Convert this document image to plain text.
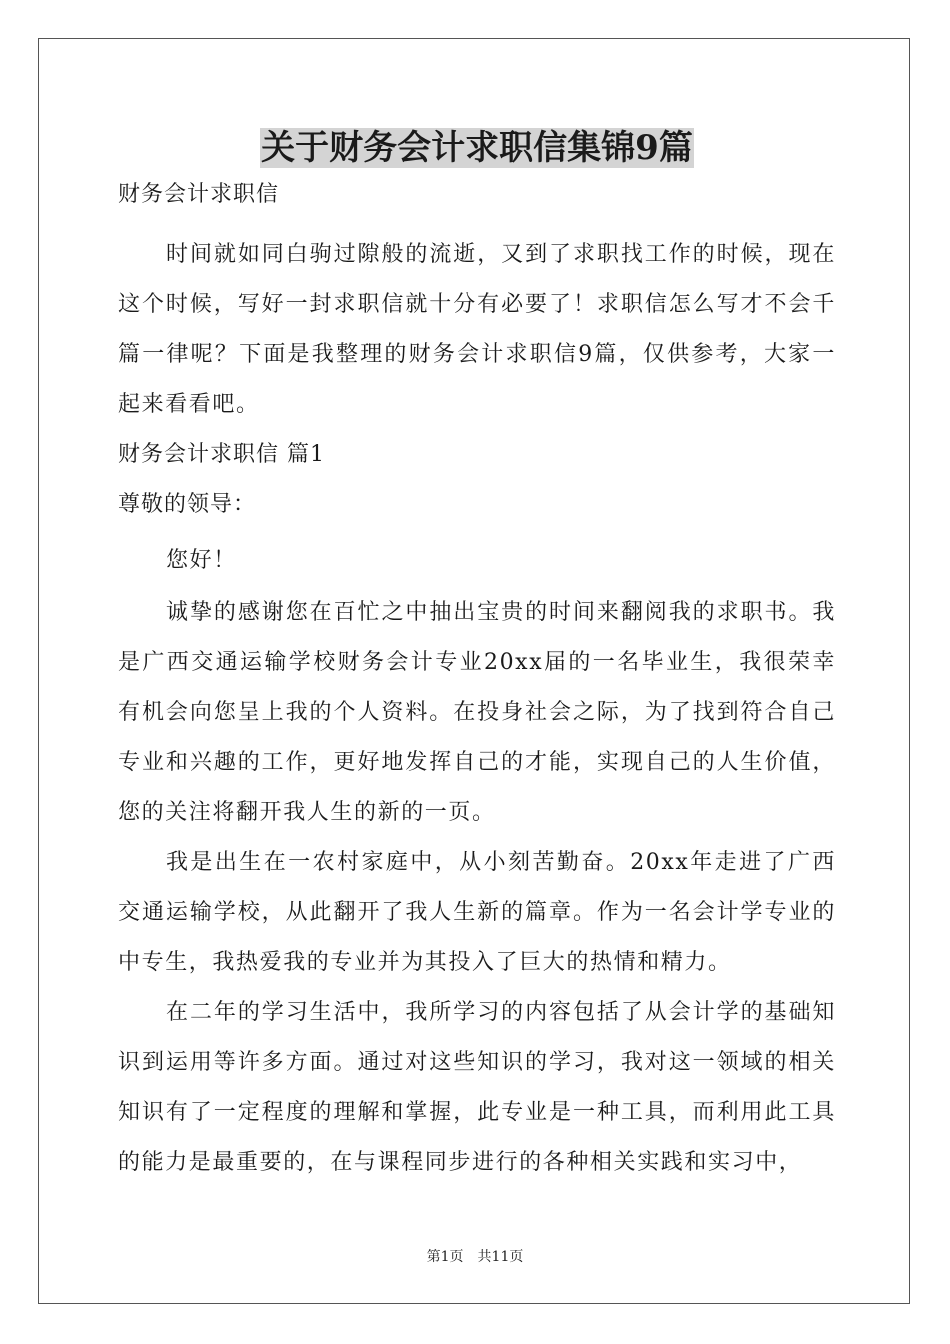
关于财务会计求职信集锦9篇

财务会计求职信

时间就如同白驹过隙般的流逝，又到了求职找工作的时候，现在这个时候，写好一封求职信就十分有必要了！求职信怎么写才不会千篇一律呢？下面是我整理的财务会计求职信9篇，仅供参考，大家一起来看看吧。

财务会计求职信 篇1

尊敬的领导：

您好！

诚挚的感谢您在百忙之中抽出宝贵的时间来翻阅我的求职书。我是广西交通运输学校财务会计专业20xx届的一名毕业生，我很荣幸有机会向您呈上我的个人资料。在投身社会之际，为了找到符合自己专业和兴趣的工作，更好地发挥自己的才能，实现自己的人生价值，您的关注将翻开我人生的新的一页。

我是出生在一农村家庭中，从小刻苦勤奋。20xx年走进了广西交通运输学校，从此翻开了我人生新的篇章。作为一名会计学专业的中专生，我热爱我的专业并为其投入了巨大的热情和精力。

在二年的学习生活中，我所学习的内容包括了从会计学的基础知识到运用等许多方面。通过对这些知识的学习，我对这一领域的相关知识有了一定程度的理解和掌握，此专业是一种工具，而利用此工具的能力是最重要的，在与课程同步进行的各种相关实践和实习中，

第1页 共11页
